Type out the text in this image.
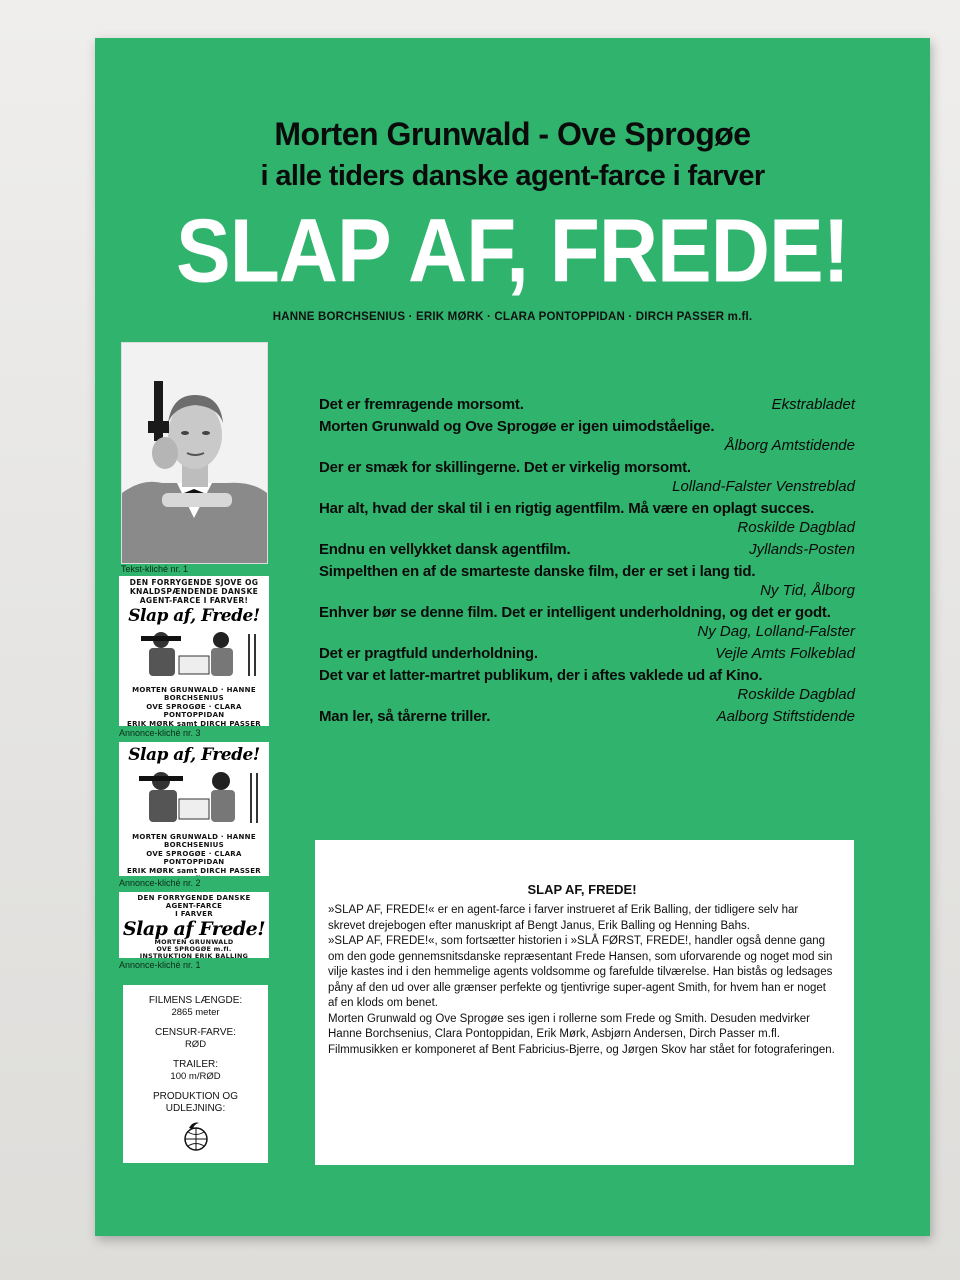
Morten Grunwald - Ove Sprogøe
i alle tiders danske agent-farce i farver
SLAP AF, FREDE!
HANNE BORCHSENIUS · ERIK MØRK · CLARA PONTOPPIDAN · DIRCH PASSER m.fl.
Tekst-kliché nr. 1
DEN FORRYGENDE SJOVE OG
KNALDSPÆNDENDE DANSKE
AGENT-FARCE I FARVER!
Slap af, Frede!
MORTEN GRUNWALD · HANNE BORCHSENIUS
OVE SPROGØE · CLARA PONTOPPIDAN
ERIK MØRK samt DIRCH PASSER

Annonce-kliché nr. 3
Slap af, Frede!
MORTEN GRUNWALD · HANNE BORCHSENIUS
OVE SPROGØE · CLARA PONTOPPIDAN
ERIK MØRK samt DIRCH PASSER

Annonce-kliché nr. 2
DEN FORRYGENDE DANSKE
AGENT-FARCE
I FARVER
Slap af Frede!
MORTEN GRUNWALD
OVE SPROGØE m.fl.
INSTRUKTION ERIK BALLING
Annonce-kliché nr. 1
FILMENS LÆNGDE:
2865 meter
CENSUR-FARVE:
RØD
TRAILER:
100 m/RØD
PRODUKTION OG UDLEJNING:
Det er fremragende morsomt.	Ekstrabladet
Morten Grunwald og Ove Sprogøe er igen uimodståelige.
Ålborg Amtstidende
Der er smæk for skillingerne. Det er virkelig morsomt.
Lolland-Falster Venstreblad
Har alt, hvad der skal til i en rigtig agentfilm. Må være en oplagt succes.
Roskilde Dagblad
Endnu en vellykket dansk agentfilm.	Jyllands-Posten
Simpelthen en af de smarteste danske film, der er set i lang tid.
Ny Tid, Ålborg
Enhver bør se denne film. Det er intelligent underholdning, og det er godt.
Ny Dag, Lolland-Falster
Det er pragtfuld underholdning.	Vejle Amts Folkeblad
Det var et latter-martret publikum, der i aftes vaklede ud af Kino.
Roskilde Dagblad
Man ler, så tårerne triller.	Aalborg Stiftstidende
SLAP AF, FREDE!

»SLAP AF, FREDE!« er en agent-farce i farver instrueret af Erik Balling, der tidligere selv har skrevet drejebogen efter manuskript af Bengt Janus, Erik Balling og Henning Bahs.

»SLAP AF, FREDE!«, som fortsætter historien i »SLÅ FØRST, FREDE!, handler også denne gang om den gode gennemsnitsdanske repræsentant Frede Hansen, som uforvarende og noget mod sin vilje kastes ind i den hemmelige agents voldsomme og farefulde tilværelse. Han bistås og ledsages påny af den ud over alle grænser perfekte og tjentivrige super-agent Smith, for hvem han er noget af en klods om benet.

Morten Grunwald og Ove Sprogøe ses igen i rollerne som Frede og Smith. Desuden medvirker Hanne Borchsenius, Clara Pontoppidan, Erik Mørk, Asbjørn Andersen, Dirch Passer m.fl.

Filmmusikken er komponeret af Bent Fabricius-Bjerre, og Jørgen Skov har stået for fotograferingen.
